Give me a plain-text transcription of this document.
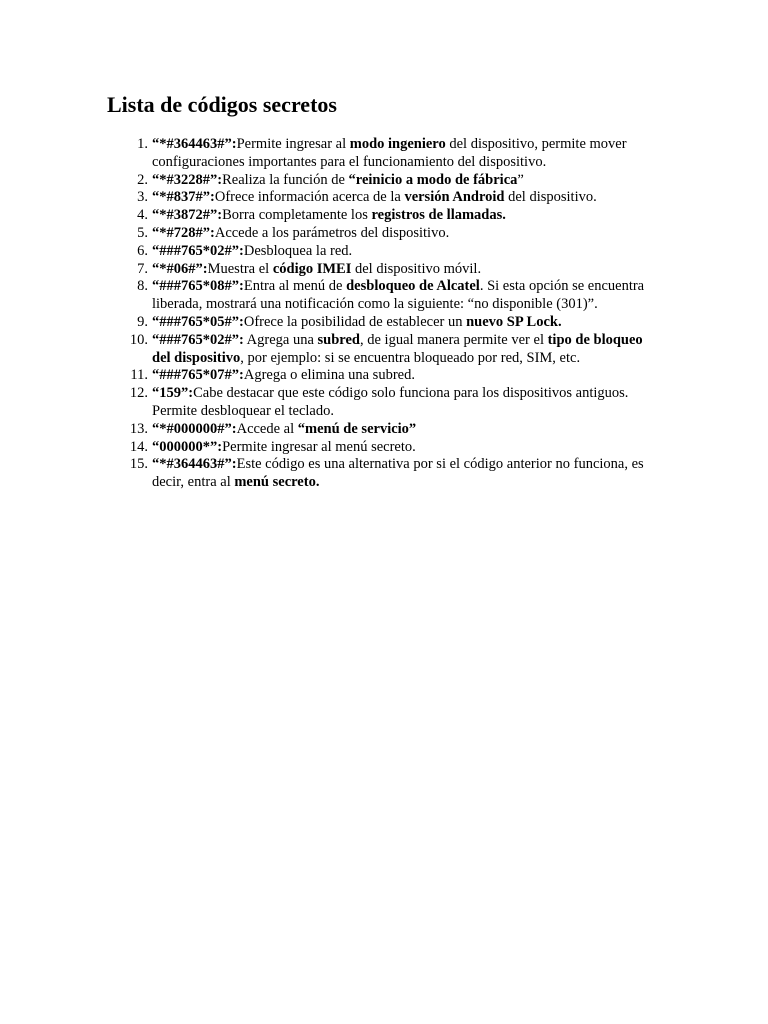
Lista de códigos secretos
1. “*#364463#”:Permite ingresar al modo ingeniero del dispositivo, permite mover configuraciones importantes para el funcionamiento del dispositivo.
2. “*#3228#”:Realiza la función de “reinicio a modo de fábrica”
3. “*#837#”:Ofrece información acerca de la versión Android del dispositivo.
4. “*#3872#”:Borra completamente los registros de llamadas.
5. “*#728#”:Accede a los parámetros del dispositivo.
6. “###765*02#”:Desbloquea la red.
7. “*#06#”:Muestra el código IMEI del dispositivo móvil.
8. “###765*08#”:Entra al menú de desbloqueo de Alcatel. Si esta opción se encuentra liberada, mostrará una notificación como la siguiente: “no disponible (301)”.
9. “###765*05#”:Ofrece la posibilidad de establecer un nuevo SP Lock.
10. “###765*02#”: Agrega una subred, de igual manera permite ver el tipo de bloqueo del dispositivo, por ejemplo: si se encuentra bloqueado por red, SIM, etc.
11. “###765*07#”:Agrega o elimina una subred.
12. “159”:Cabe destacar que este código solo funciona para los dispositivos antiguos. Permite desbloquear el teclado.
13. “*#000000#”:Accede al “menú de servicio”
14. “000000*”:Permite ingresar al menú secreto.
15. “*#364463#”:Este código es una alternativa por si el código anterior no funciona, es decir, entra al menú secreto.
